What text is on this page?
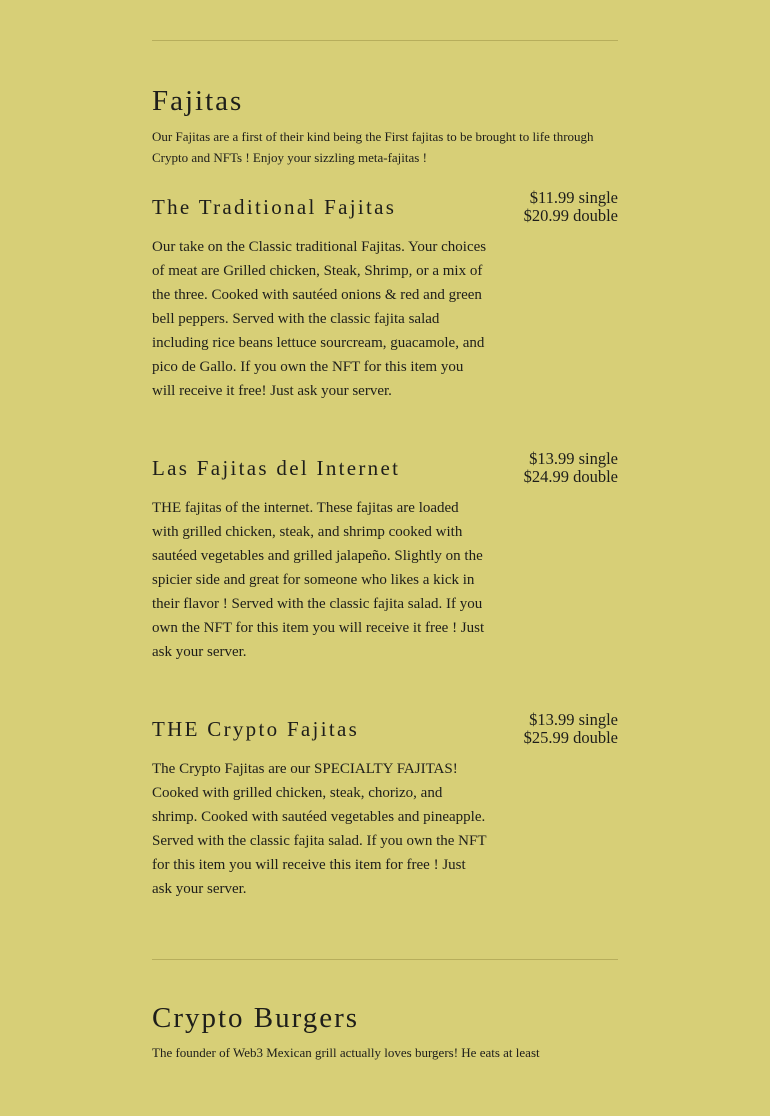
Fajitas
Our Fajitas are a first of their kind being the First fajitas to be brought to life through Crypto and NFTs ! Enjoy your sizzling meta-fajitas !
The Traditional Fajitas	$11.99 single
$20.99 double
Our take on the Classic traditional Fajitas. Your choices of meat are Grilled chicken, Steak, Shrimp, or a mix of the three. Cooked with sautéed onions & red and green bell peppers. Served with the classic fajita salad including rice beans lettuce sourcream, guacamole, and pico de Gallo. If you own the NFT for this item you will receive it free! Just ask your server.
Las Fajitas del Internet	$13.99 single
$24.99 double
THE fajitas of the internet. These fajitas are loaded with grilled chicken, steak, and shrimp cooked with sautéed vegetables and grilled jalapeño. Slightly on the spicier side and great for someone who likes a kick in their flavor ! Served with the classic fajita salad. If you own the NFT for this item you will receive it free ! Just ask your server.
THE Crypto Fajitas	$13.99 single
$25.99 double
The Crypto Fajitas are our SPECIALTY FAJITAS!
Cooked with grilled chicken, steak, chorizo, and shrimp. Cooked with sautéed vegetables and pineapple. Served with the classic fajita salad. If you own the NFT for this item you will receive this item for free ! Just ask your server.
Crypto Burgers
The founder of Web3 Mexican grill actually loves burgers! He eats at least
